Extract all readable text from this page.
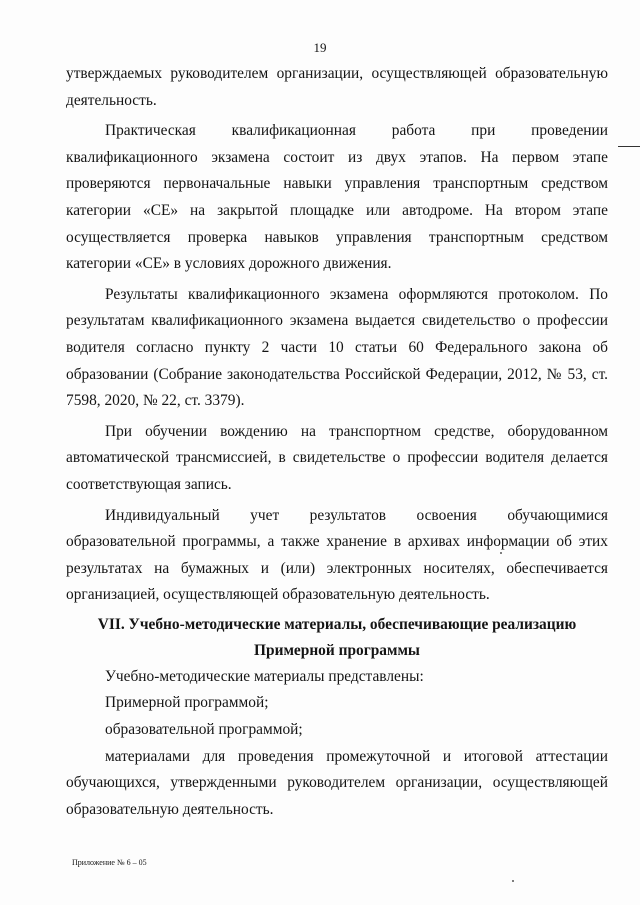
19

утверждаемых руководителем организации, осуществляющей образовательную деятельность.

Практическая квалификационная работа при проведении квалификационного экзамена состоит из двух этапов. На первом этапе проверяются первоначальные навыки управления транспортным средством категории «СЕ» на закрытой площадке или автодроме. На втором этапе осуществляется проверка навыков управления транспортным средством категории «СЕ» в условиях дорожного движения.

Результаты квалификационного экзамена оформляются протоколом. По результатам квалификационного экзамена выдается свидетельство о профессии водителя согласно пункту 2 части 10 статьи 60 Федерального закона об образовании (Собрание законодательства Российской Федерации, 2012, № 53, ст. 7598, 2020, № 22, ст. 3379).

При обучении вождению на транспортном средстве, оборудованном автоматической трансмиссией, в свидетельстве о профессии водителя делается соответствующая запись.

Индивидуальный учет результатов освоения обучающимися образовательной программы, а также хранение в архивах информации об этих результатах на бумажных и (или) электронных носителях, обеспечивается организацией, осуществляющей образовательную деятельность.

VII. Учебно-методические материалы, обеспечивающие реализацию
Примерной программы

Учебно-методические материалы представлены:

Примерной программой;

образовательной программой;

материалами для проведения промежуточной и итоговой аттестации обучающихся, утвержденными руководителем организации, осуществляющей образовательную деятельность.

Приложение № 6 – 05
